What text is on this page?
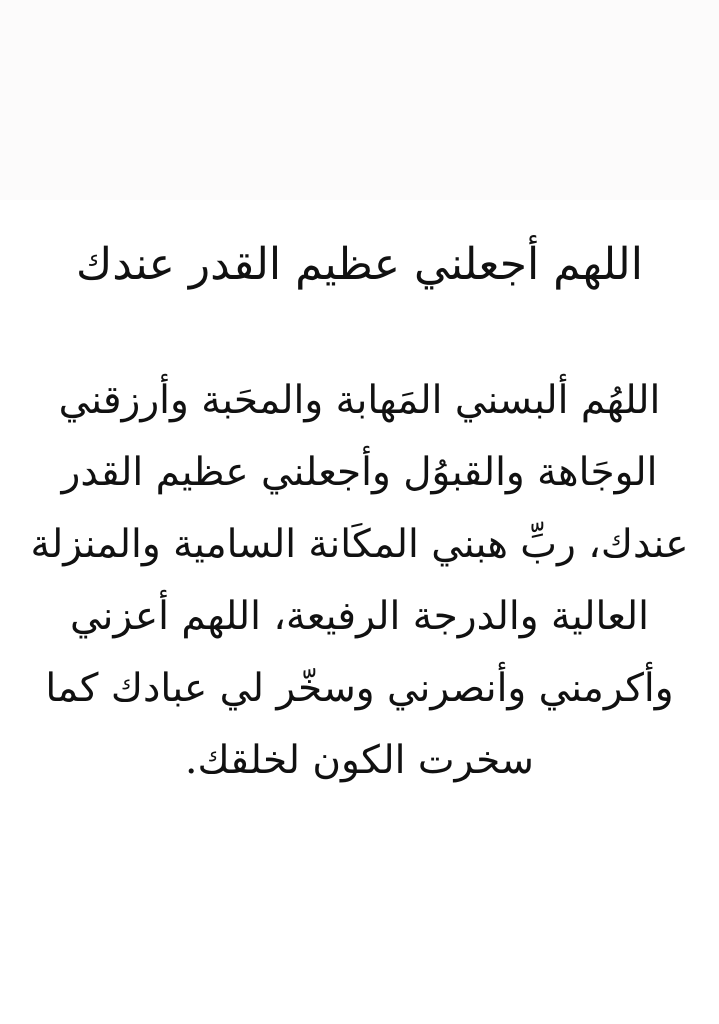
اللهم أجعلني عظيم القدر عندك
اللهُم ألبسني المَهابة والمحَبة وأرزقني
الوجَاهة والقبوُل وأجعلني عظيم القدر
عندك، ربِّ هبني المكَانة السامية والمنزلة
العالية والدرجة الرفيعة، اللهم أعزني
وأكرمني وأنصرني وسخّر لي عبادك كما
سخرت الكون لخلقك.
